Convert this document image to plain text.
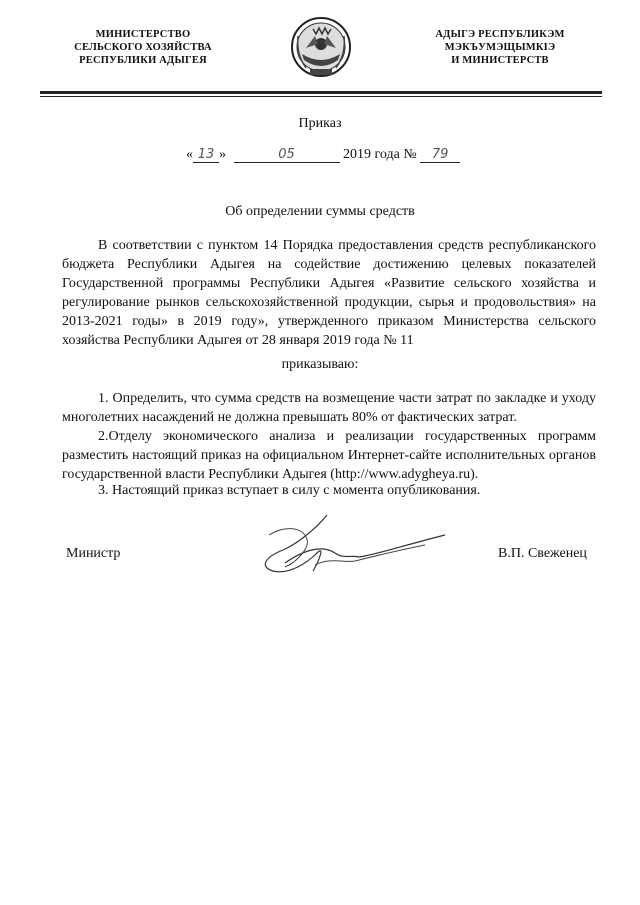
МИНИСТЕРСТВО
СЕЛЬСКОГО ХОЗЯЙСТВА
РЕСПУБЛИКИ АДЫГЕЯ
АДЫГЭ РЕСПУБЛИКЭМ
МЭКЪУМЭЩЫМКІЭ
И МИНИСТЕРСТВ
Приказ
« 13 »	05	2019 года № 79
Об определении суммы средств
В соответствии с пунктом 14 Порядка предоставления средств республиканского бюджета Республики Адыгея на содействие достижению целевых показателей Государственной программы Республики Адыгея «Развитие сельского хозяйства и регулирование рынков сельскохозяйственной продукции, сырья и продовольствия» на 2013-2021 годы» в 2019 году», утвержденного приказом Министерства сельского хозяйства Республики Адыгея от 28 января 2019 года № 11
приказываю:
1. Определить, что сумма средств на возмещение части затрат по закладке и уходу многолетних насаждений не должна превышать 80% от фактических затрат.
2.Отделу экономического анализа и реализации государственных программ разместить настоящий приказ на официальном Интернет-сайте исполнительных органов государственной власти Республики Адыгея (http://www.adygheya.ru).
3. Настоящий приказ вступает в силу с момента опубликования.
Министр	В.П. Свеженец
